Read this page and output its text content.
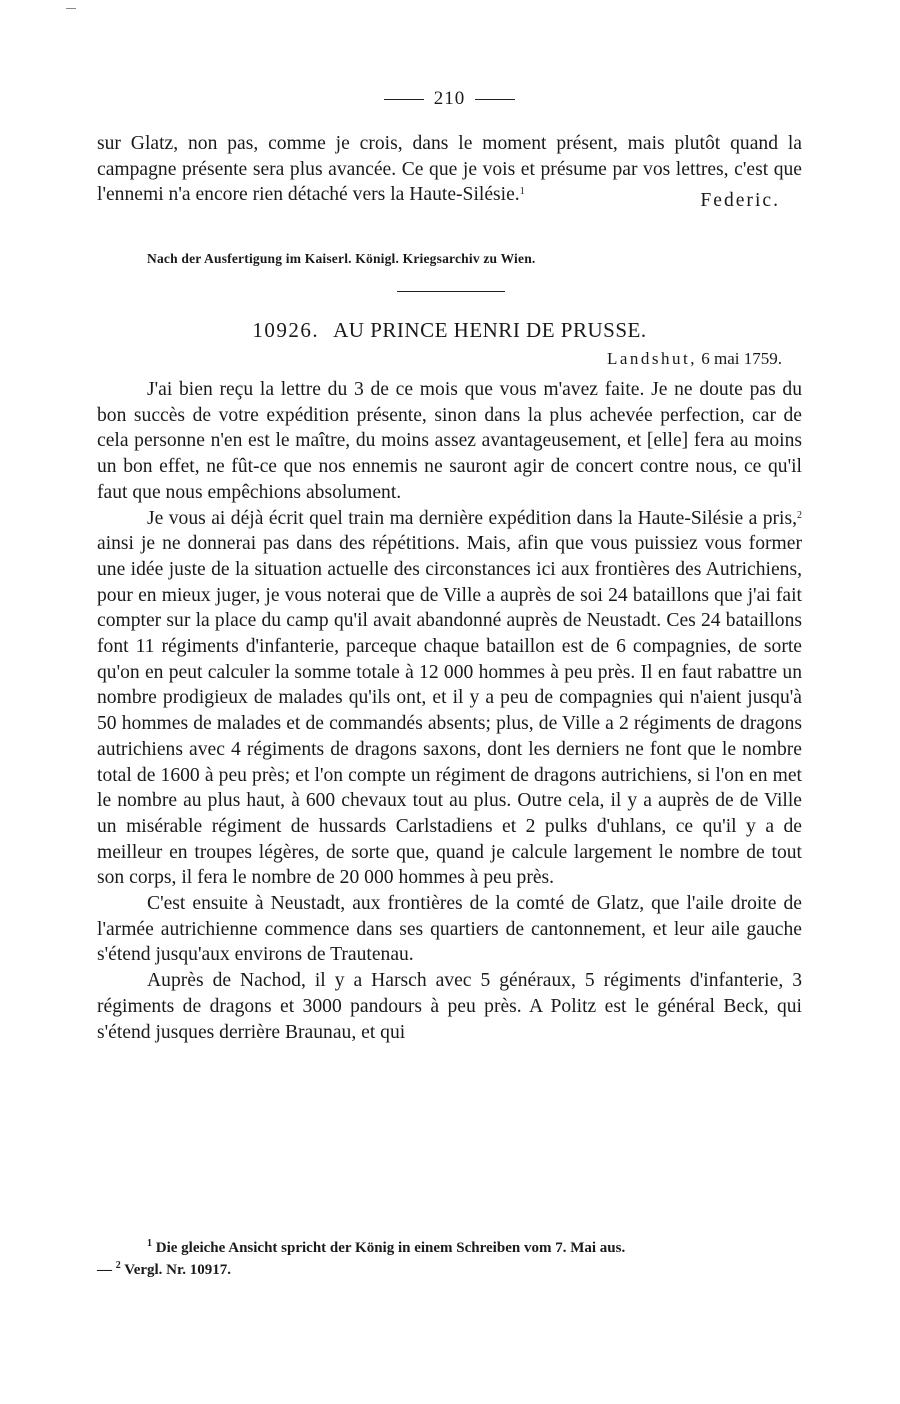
210

sur Glatz, non pas, comme je crois, dans le moment présent, mais plutôt quand la campagne présente sera plus avancée. Ce que je vois et présume par vos lettres, c'est que l'ennemi n'a encore rien détaché vers la Haute-Silésie.$^1$	Federic.

Nach der Ausfertigung im Kaiserl. Königl. Kriegsarchiv zu Wien.
10926. AU PRINCE HENRI DE PRUSSE.
Landshut, 6 mai 1759.

J'ai bien reçu la lettre du 3 de ce mois que vous m'avez faite. Je ne doute pas du bon succès de votre expédition présente, sinon dans la plus achevée perfection, car de cela personne n'en est le maître, du moins assez avantageusement, et [elle] fera au moins un bon effet, ne fût-ce que nos ennemis ne sauront agir de concert contre nous, ce qu'il faut que nous empêchions absolument.

Je vous ai déjà écrit quel train ma dernière expédition dans la Haute-Silésie a pris,$^2$ ainsi je ne donnerai pas dans des répétitions. Mais, afin que vous puissiez vous former une idée juste de la situation actuelle des circonstances ici aux frontières des Autrichiens, pour en mieux juger, je vous noterai que de Ville a auprès de soi 24 bataillons que j'ai fait compter sur la place du camp qu'il avait abandonné auprès de Neustadt. Ces 24 bataillons font 11 régiments d'infanterie, parceque chaque bataillon est de 6 compagnies, de sorte qu'on en peut calculer la somme totale à 12 000 hommes à peu près. Il en faut rabattre un nombre prodigieux de malades qu'ils ont, et il y a peu de compagnies qui n'aient jusqu'à 50 hommes de malades et de commandés absents; plus, de Ville a 2 régiments de dragons autrichiens avec 4 régiments de dragons saxons, dont les derniers ne font que le nombre total de 1600 à peu près; et l'on compte un régiment de dragons autrichiens, si l'on en met le nombre au plus haut, à 600 chevaux tout au plus. Outre cela, il y a auprès de de Ville un misérable régiment de hussards Carlstadiens et 2 pulks d'uhlans, ce qu'il y a de meilleur en troupes légères, de sorte que, quand je calcule largement le nombre de tout son corps, il fera le nombre de 20 000 hommes à peu près.

C'est ensuite à Neustadt, aux frontières de la comté de Glatz, que l'aile droite de l'armée autrichienne commence dans ses quartiers de cantonnement, et leur aile gauche s'étend jusqu'aux environs de Trautenau.

Auprès de Nachod, il y a Harsch avec 5 généraux, 5 régiments d'infanterie, 3 régiments de dragons et 3000 pandours à peu près. A Politz est le général Beck, qui s'étend jusques derrière Braunau, et qui

$^1$ Die gleiche Ansicht spricht der König in einem Schreiben vom 7. Mai aus.

— $^2$ Vergl. Nr. 10917.
